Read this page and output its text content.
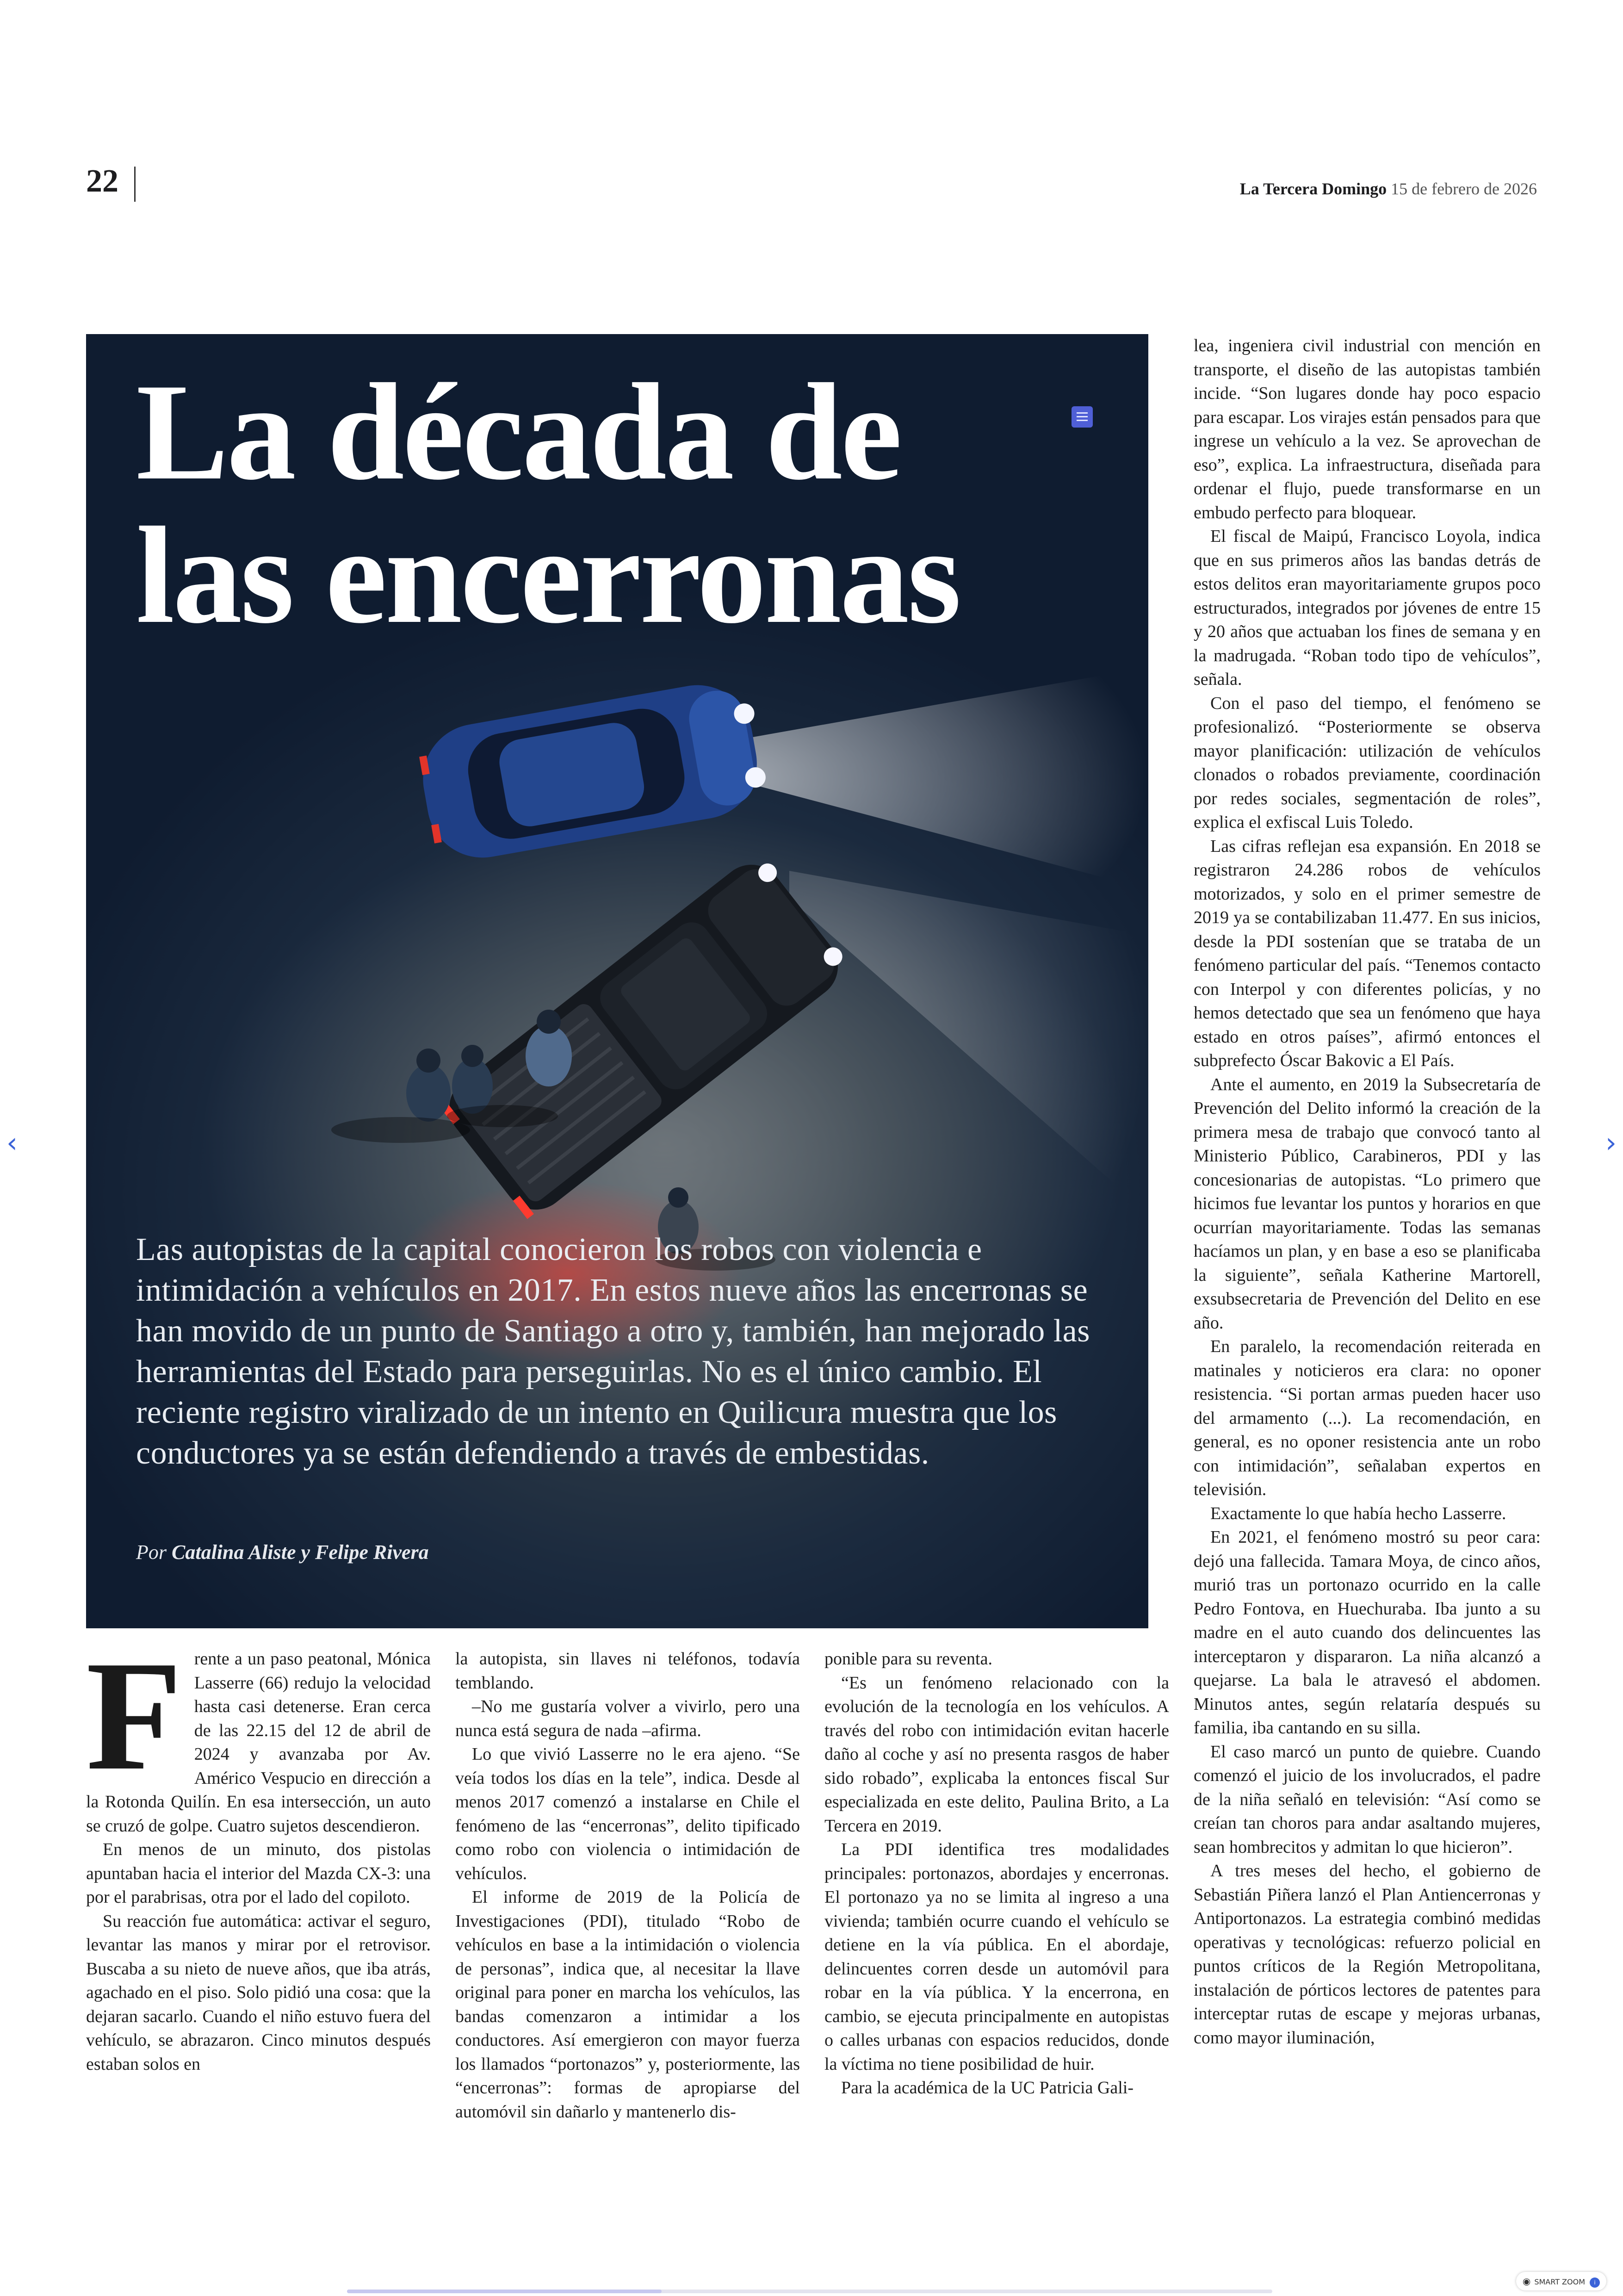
22	La Tercera Domingo 15 de febrero de 2026
La década de
las encerronas

Las autopistas de la capital conocieron los robos con violencia e intimidación a vehículos en 2017. En estos nueve años las encerronas se han movido de un punto de Santiago a otro y, también, han mejorado las herramientas del Estado para perseguirlas. No es el único cambio. El reciente registro viralizado de un intento en Quilicura muestra que los conductores ya se están defendiendo a través de embestidas.

Por Catalina Aliste y Felipe Rivera

Frente a un paso peatonal, Mónica Lasserre (66) redujo la velocidad hasta casi detenerse. Eran cerca de las 22.15 del 12 de abril de 2024 y avanzaba por Av. Américo Vespucio en dirección a la Rotonda Quilín. En esa intersección, un auto se cruzó de golpe. Cuatro sujetos descendieron.

En menos de un minuto, dos pistolas apuntaban hacia el interior del Mazda CX-3: una por el parabrisas, otra por el lado del copiloto.

Su reacción fue automática: activar el seguro, levantar las manos y mirar por el retrovisor. Buscaba a su nieto de nueve años, que iba atrás, agachado en el piso. Solo pidió una cosa: que la dejaran sacarlo. Cuando el niño estuvo fuera del vehículo, se abrazaron. Cinco minutos después estaban solos en

la autopista, sin llaves ni teléfonos, todavía temblando.

–No me gustaría volver a vivirlo, pero una nunca está segura de nada –afirma.

Lo que vivió Lasserre no le era ajeno. “Se veía todos los días en la tele”, indica. Desde al menos 2017 comenzó a instalarse en Chile el fenómeno de las “encerronas”, delito tipificado como robo con violencia o intimidación de vehículos.

El informe de 2019 de la Policía de Investigaciones (PDI), titulado “Robo de vehículos en base a la intimidación o violencia de personas”, indica que, al necesitar la llave original para poner en marcha los vehículos, las bandas comenzaron a intimidar a los conductores. Así emergieron con mayor fuerza los llamados “portonazos” y, posteriormente, las “encerronas”: formas de apropiarse del automóvil sin dañarlo y mantenerlo dis-

ponible para su reventa.

“Es un fenómeno relacionado con la evolución de la tecnología en los vehículos. A través del robo con intimidación evitan hacerle daño al coche y así no presenta rasgos de haber sido robado”, explicaba la entonces fiscal Sur especializada en este delito, Paulina Brito, a La Tercera en 2019.

La PDI identifica tres modalidades principales: portonazos, abordajes y encerronas. El portonazo ya no se limita al ingreso a una vivienda; también ocurre cuando el vehículo se detiene en la vía pública. En el abordaje, delincuentes corren desde un automóvil para robar en la vía pública. Y la encerrona, en cambio, se ejecuta principalmente en autopistas o calles urbanas con espacios reducidos, donde la víctima no tiene posibilidad de huir.

Para la académica de la UC Patricia Gali-

lea, ingeniera civil industrial con mención en transporte, el diseño de las autopistas también incide. “Son lugares donde hay poco espacio para escapar. Los virajes están pensados para que ingrese un vehículo a la vez. Se aprovechan de eso”, explica. La infraestructura, diseñada para ordenar el flujo, puede transformarse en un embudo perfecto para bloquear.

El fiscal de Maipú, Francisco Loyola, indica que en sus primeros años las bandas detrás de estos delitos eran mayoritariamente grupos poco estructurados, integrados por jóvenes de entre 15 y 20 años que actuaban los fines de semana y en la madrugada. “Roban todo tipo de vehículos”, señala.

Con el paso del tiempo, el fenómeno se profesionalizó. “Posteriormente se observa mayor planificación: utilización de vehículos clonados o robados previamente, coordinación por redes sociales, segmentación de roles”, explica el exfiscal Luis Toledo.

Las cifras reflejan esa expansión. En 2018 se registraron 24.286 robos de vehículos motorizados, y solo en el primer semestre de 2019 ya se contabilizaban 11.477. En sus inicios, desde la PDI sostenían que se trataba de un fenómeno particular del país. “Tenemos contacto con Interpol y con diferentes policías, y no hemos detectado que sea un fenómeno que haya estado en otros países”, afirmó entonces el subprefecto Óscar Bakovic a El País.

Ante el aumento, en 2019 la Subsecretaría de Prevención del Delito informó la creación de la primera mesa de trabajo que convocó tanto al Ministerio Público, Carabineros, PDI y las concesionarias de autopistas. “Lo primero que hicimos fue levantar los puntos y horarios en que ocurrían mayoritariamente. Todas las semanas hacíamos un plan, y en base a eso se planificaba la siguiente”, señala Katherine Martorell, exsubsecretaria de Prevención del Delito en ese año.

En paralelo, la recomendación reiterada en matinales y noticieros era clara: no oponer resistencia. “Si portan armas pueden hacer uso del armamento (...). La recomendación, en general, es no oponer resistencia ante un robo con intimidación”, señalaban expertos en televisión.

Exactamente lo que había hecho Lasserre.

En 2021, el fenómeno mostró su peor cara: dejó una fallecida. Tamara Moya, de cinco años, murió tras un portonazo ocurrido en la calle Pedro Fontova, en Huechuraba. Iba junto a su madre en el auto cuando dos delincuentes las interceptaron y dispararon. La niña alcanzó a quejarse. La bala le atravesó el abdomen. Minutos antes, según relataría después su familia, iba cantando en su silla.

El caso marcó un punto de quiebre. Cuando comenzó el juicio de los involucrados, el padre de la niña señaló en televisión: “Así como se creían tan choros para andar asaltando mujeres, sean hombrecitos y admitan lo que hicieron”.

A tres meses del hecho, el gobierno de Sebastián Piñera lanzó el Plan Antiencerronas y Antiportonazos. La estrategia combinó medidas operativas y tecnológicas: refuerzo policial en puntos críticos de la Región Metropolitana, instalación de pórticos lectores de patentes para interceptar rutas de escape y mejoras urbanas, como mayor iluminación,

‹	›
◉ SMART ZOOM i
